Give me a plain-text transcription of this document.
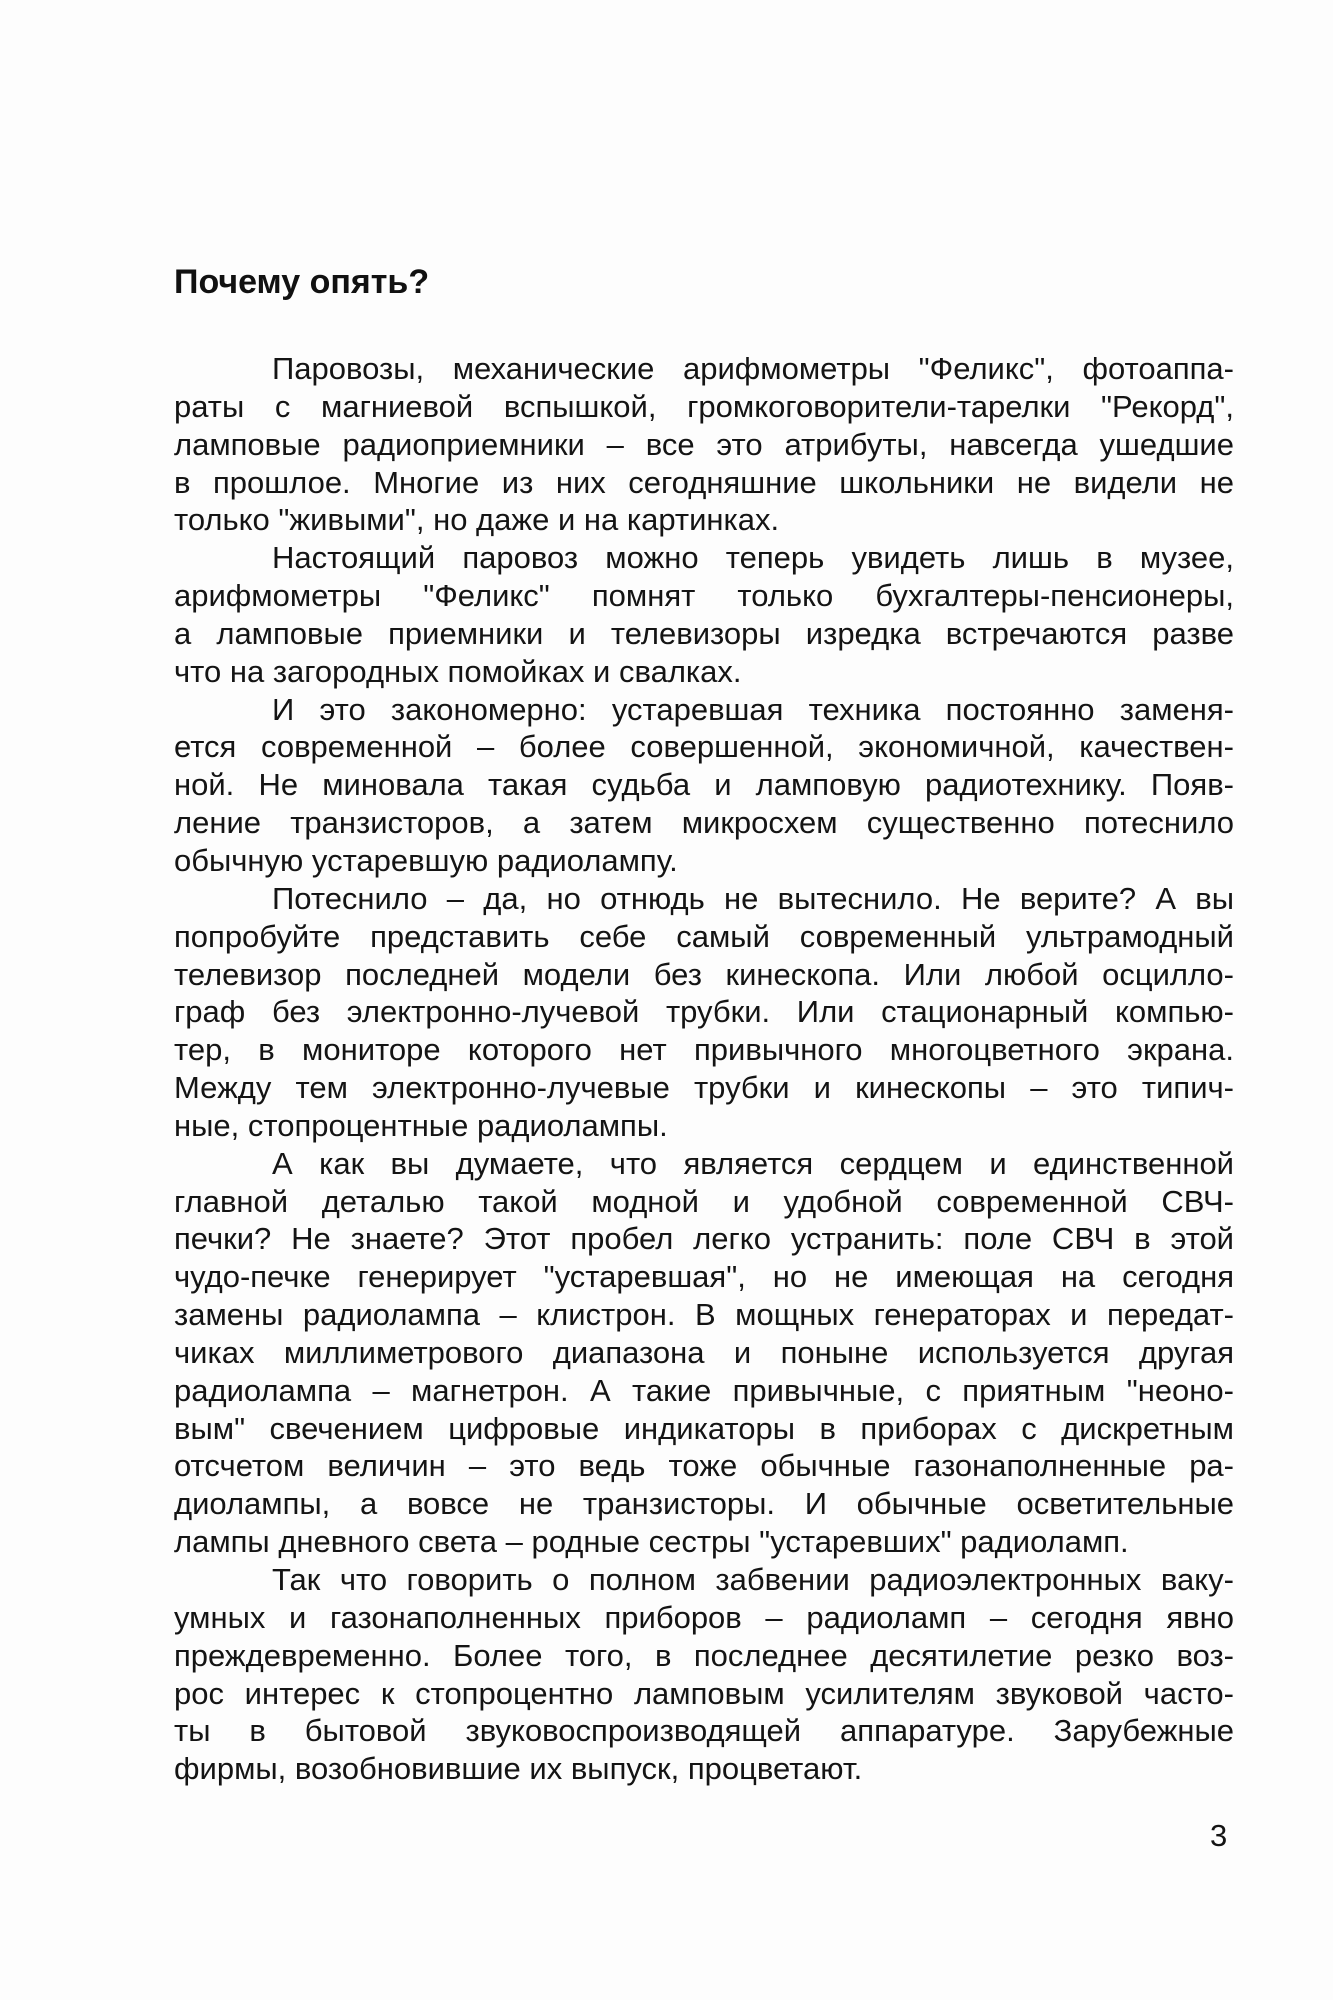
Почему опять?
Паровозы, механические арифмометры "Феликс", фотоаппа-
раты с магниевой вспышкой, громкоговорители-тарелки "Рекорд",
ламповые радиоприемники – все это атрибуты, навсегда ушедшие
в прошлое. Многие из них сегодняшние школьники не видели не
только "живыми", но даже и на картинках.
Настоящий паровоз можно теперь увидеть лишь в музее,
арифмометры "Феликс" помнят только бухгалтеры-пенсионеры,
а ламповые приемники и телевизоры изредка встречаются разве
что на загородных помойках и свалках.
И это закономерно: устаревшая техника постоянно заменя-
ется современной – более совершенной, экономичной, качествен-
ной. Не миновала такая судьба и ламповую радиотехнику. Появ-
ление транзисторов, а затем микросхем существенно потеснило
обычную устаревшую радиолампу.
Потеснило – да, но отнюдь не вытеснило. Не верите? А вы
попробуйте представить себе самый современный ультрамодный
телевизор последней модели без кинескопа. Или любой осцилло-
граф без электронно-лучевой трубки. Или стационарный компью-
тер, в мониторе которого нет привычного многоцветного экрана.
Между тем электронно-лучевые трубки и кинескопы – это типич-
ные, стопроцентные радиолампы.
А как вы думаете, что является сердцем и единственной
главной деталью такой модной и удобной современной СВЧ-
печки? Не знаете? Этот пробел легко устранить: поле СВЧ в этой
чудо-печке генерирует "устаревшая", но не имеющая на сегодня
замены радиолампа – клистрон. В мощных генераторах и передат-
чиках миллиметрового диапазона и поныне используется другая
радиолампа – магнетрон. А такие привычные, с приятным "неоно-
вым" свечением цифровые индикаторы в приборах с дискретным
отсчетом величин – это ведь тоже обычные газонаполненные ра-
диолампы, а вовсе не транзисторы. И обычные осветительные
лампы дневного света – родные сестры "устаревших" радиоламп.
Так что говорить о полном забвении радиоэлектронных ваку-
умных и газонаполненных приборов – радиоламп – сегодня явно
преждевременно. Более того, в последнее десятилетие резко воз-
рос интерес к стопроцентно ламповым усилителям звуковой часто-
ты в бытовой звуковоспроизводящей аппаратуре. Зарубежные
фирмы, возобновившие их выпуск, процветают.
3
